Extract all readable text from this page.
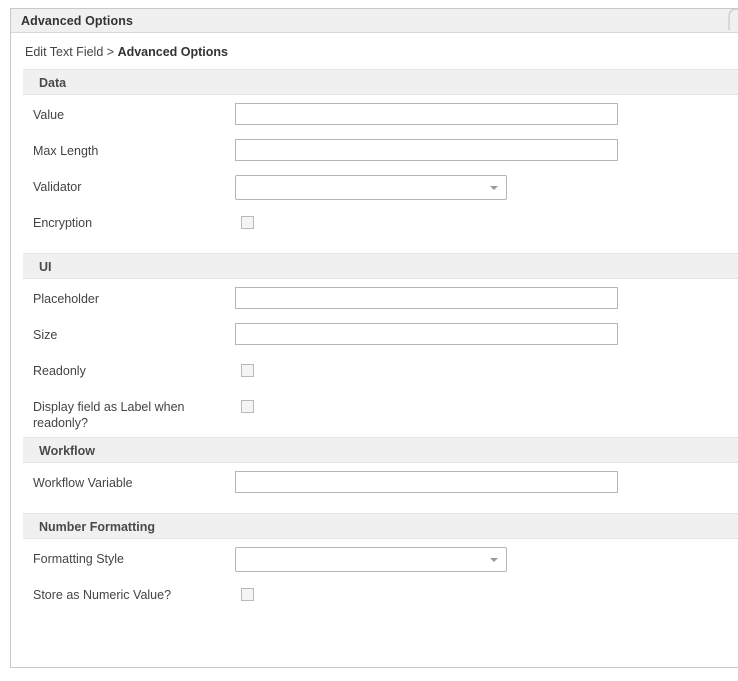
Advanced Options
Edit Text Field > Advanced Options
Data
Value
Max Length
Validator
Encryption
UI
Placeholder
Size
Readonly
Display field as Label when readonly?
Workflow
Workflow Variable
Number Formatting
Formatting Style
Store as Numeric Value?
